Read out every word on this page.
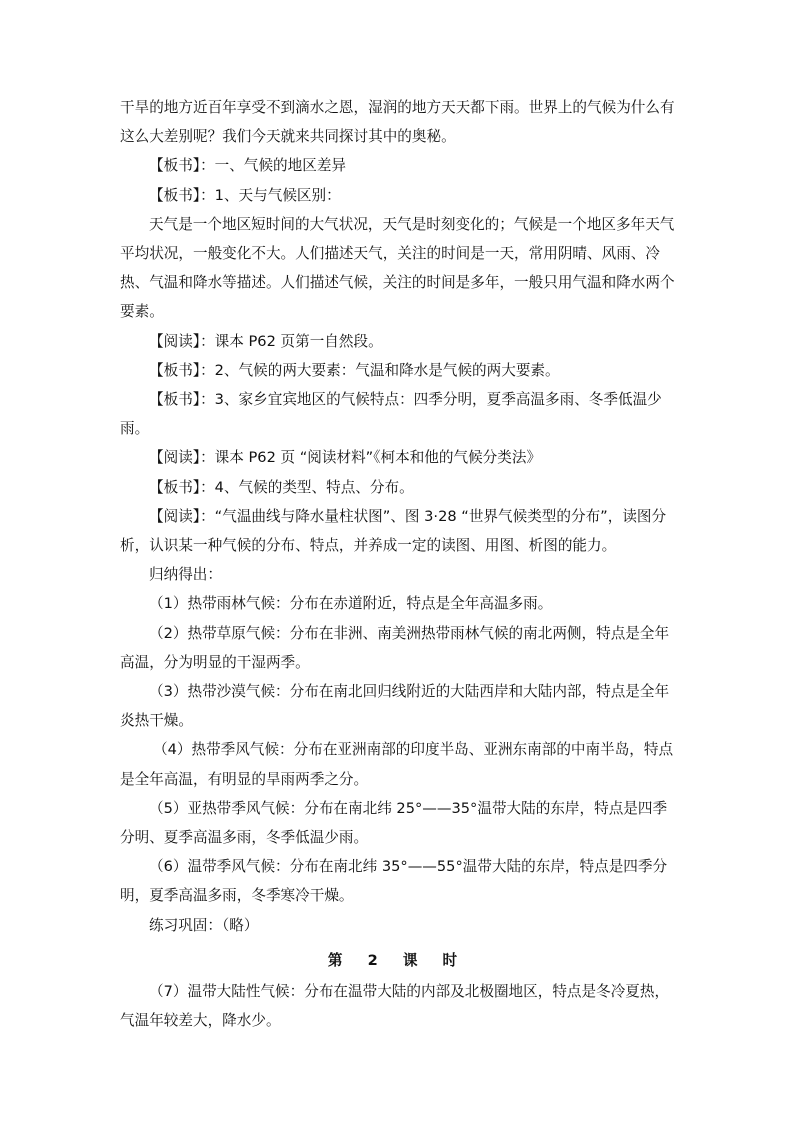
干旱的地方近百年享受不到滴水之恩，湿润的地方天天都下雨。世界上的气候为什么有这么大差别呢？我们今天就来共同探讨其中的奥秘。

【板书】：一、气候的地区差异

【板书】：1、天与气候区别：

天气是一个地区短时间的大气状况，天气是时刻变化的；气候是一个地区多年天气平均状况，一般变化不大。人们描述天气，关注的时间是一天，常用阴晴、风雨、冷热、气温和降水等描述。人们描述气候，关注的时间是多年，一般只用气温和降水两个要素。

【阅读】：课本 P62 页第一自然段。

【板书】：2、气候的两大要素：气温和降水是气候的两大要素。

【板书】：3、家乡宜宾地区的气候特点：四季分明，夏季高温多雨、冬季低温少雨。

【阅读】：课本 P62 页 “阅读材料”《柯本和他的气候分类法》

【板书】：4、气候的类型、特点、分布。

【阅读】：“气温曲线与降水量柱状图”、图 3·28 “世界气候类型的分布”，读图分析，认识某一种气候的分布、特点，并养成一定的读图、用图、析图的能力。

归纳得出：

（1）热带雨林气候：分布在赤道附近，特点是全年高温多雨。

（2）热带草原气候：分布在非洲、南美洲热带雨林气候的南北两侧，特点是全年高温，分为明显的干湿两季。

（3）热带沙漠气候：分布在南北回归线附近的大陆西岸和大陆内部，特点是全年炎热干燥。

（4）热带季风气候：分布在亚洲南部的印度半岛、亚洲东南部的中南半岛，特点是全年高温，有明显的旱雨两季之分。

（5）亚热带季风气候：分布在南北纬 25°——35°温带大陆的东岸，特点是四季分明、夏季高温多雨，冬季低温少雨。

（6）温带季风气候：分布在南北纬 35°——55°温带大陆的东岸，特点是四季分明，夏季高温多雨，冬季寒冷干燥。

练习巩固：（略）

第 2 课 时

（7）温带大陆性气候：分布在温带大陆的内部及北极圈地区，特点是冬冷夏热，气温年较差大，降水少。
